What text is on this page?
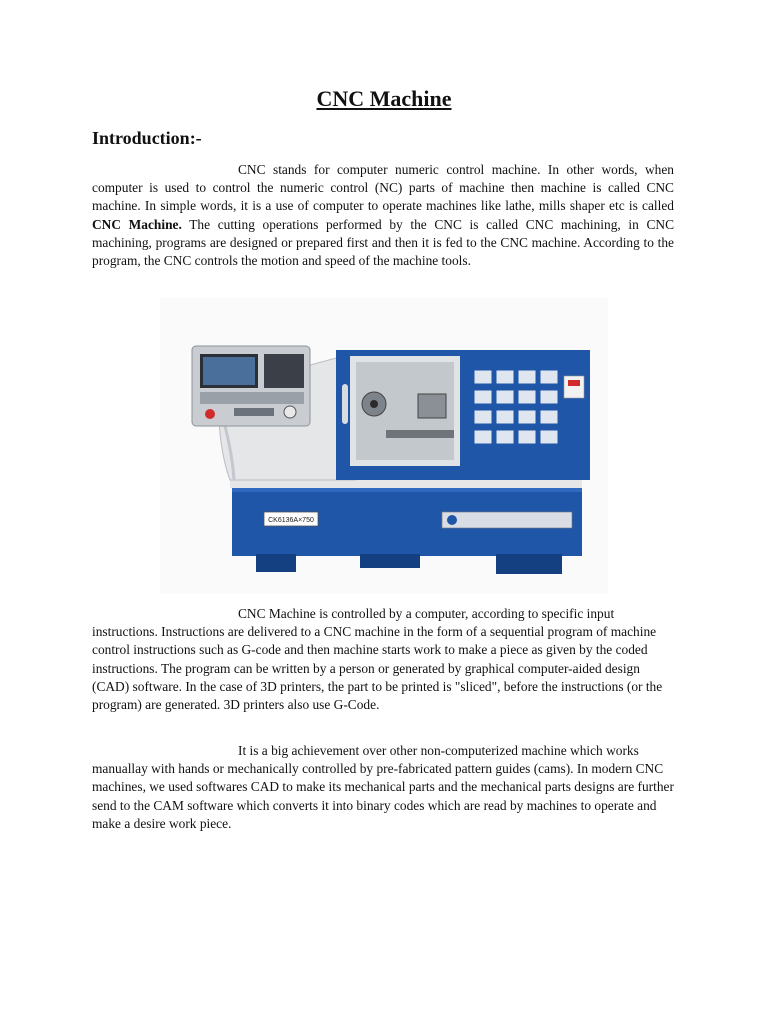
CNC Machine
Introduction:-

CNC stands for computer numeric control machine. In other words, when computer is used to control the numeric control (NC) parts of machine then machine is called CNC machine. In simple words, it is a use of computer to operate machines like lathe, mills shaper etc is called CNC Machine. The cutting operations performed by the CNC is called CNC machining, in CNC machining, programs are designed or prepared first and then it is fed to the CNC machine. According to the program, the CNC controls the motion and speed of the machine tools.

CK6136A×750

CNC Machine is controlled by a computer, according to specific input instructions. Instructions are delivered to a CNC machine in the form of a sequential program of machine control instructions such as G-code and then machine starts work to make a piece as given by the coded instructions. The program can be written by a person or generated by graphical computer-aided design (CAD) software. In the case of 3D printers, the part to be printed is "sliced", before the instructions (or the program) are generated. 3D printers also use G-Code.

It is a big achievement over other non-computerized machine which works manuallay with hands or mechanically controlled by pre-fabricated pattern guides (cams). In modern CNC machines, we used softwares CAD to make its mechanical parts and the mechanical parts designs are further send to the CAM software which converts it into binary codes which are read by machines to operate and make a desire work piece.
